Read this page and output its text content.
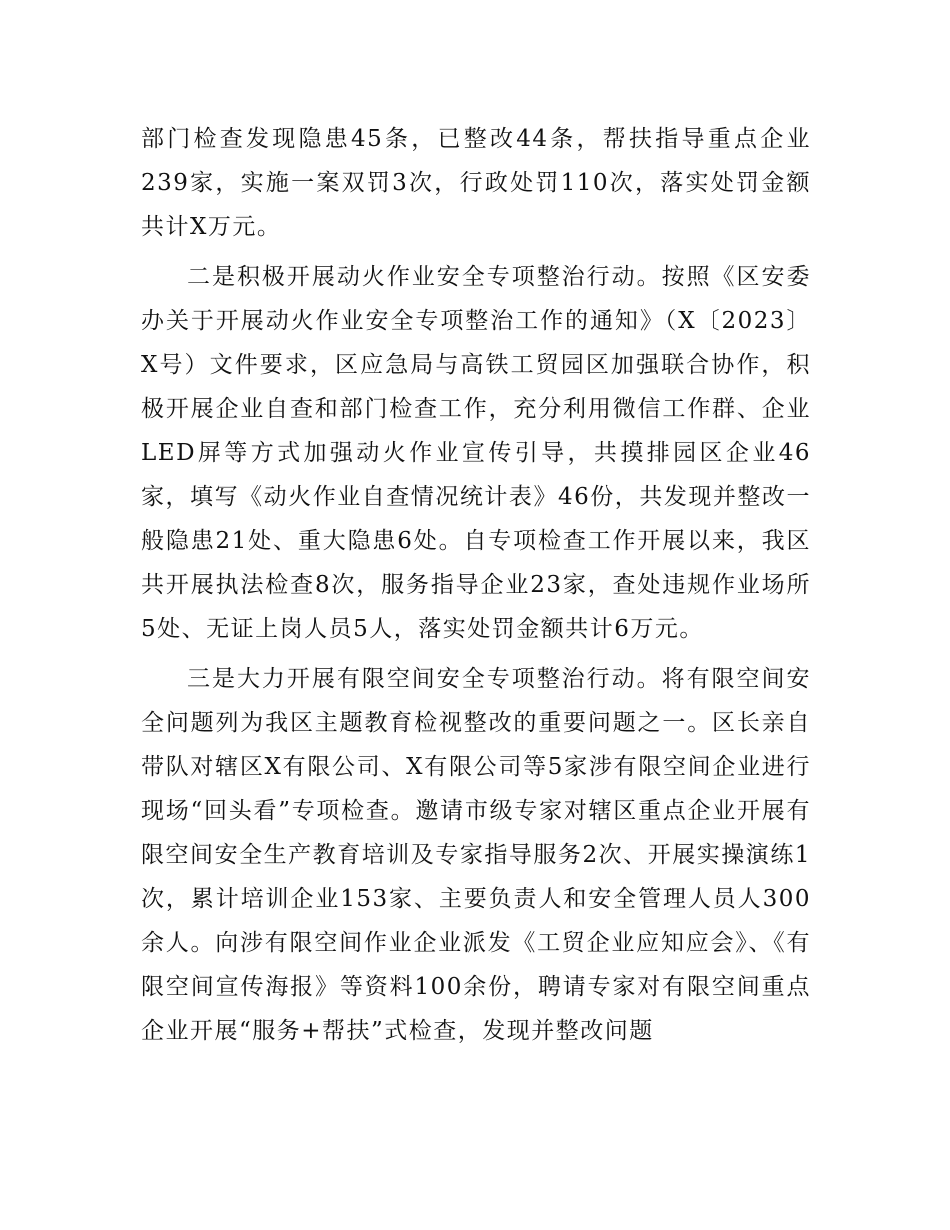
部门检查发现隐患45条，已整改44条，帮扶指导重点企业239家，实施一案双罚3次，行政处罚110次，落实处罚金额共计X万元。

二是积极开展动火作业安全专项整治行动。按照《区安委办关于开展动火作业安全专项整治工作的通知》（X〔2023〕X号）文件要求，区应急局与高铁工贸园区加强联合协作，积极开展企业自查和部门检查工作，充分利用微信工作群、企业LED屏等方式加强动火作业宣传引导，共摸排园区企业46家，填写《动火作业自查情况统计表》46份，共发现并整改一般隐患21处、重大隐患6处。自专项检查工作开展以来，我区共开展执法检查8次，服务指导企业23家，查处违规作业场所5处、无证上岗人员5人，落实处罚金额共计6万元。

三是大力开展有限空间安全专项整治行动。将有限空间安全问题列为我区主题教育检视整改的重要问题之一。区长亲自带队对辖区X有限公司、X有限公司等5家涉有限空间企业进行现场“回头看”专项检查。邀请市级专家对辖区重点企业开展有限空间安全生产教育培训及专家指导服务2次、开展实操演练1次，累计培训企业153家、主要负责人和安全管理人员人300余人。向涉有限空间作业企业派发《工贸企业应知应会》、《有限空间宣传海报》等资料100余份，聘请专家对有限空间重点企业开展“服务+帮扶”式检查，发现并整改问题
